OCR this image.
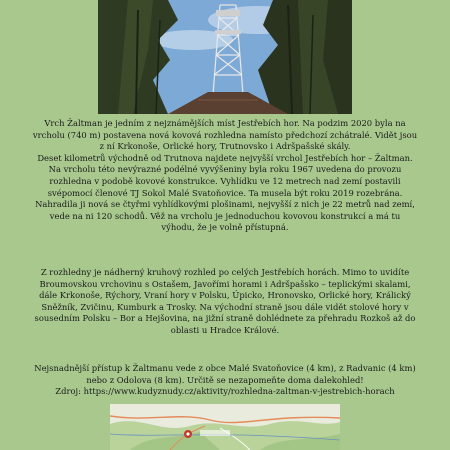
Vrch Žaltman je jedním z nejznámějších míst Jestřebích hor. Na podzim 2020 byla na

vrcholu (740 m) postavena nová kovová rozhledna namísto předchozí zchátralé. Vidět jsou

z ní Krkonoše, Orlické hory, Trutnovsko i Adršpašské skály.

Deset kilometrů východně od Trutnova najdete nejvyšší vrchol Jestřebích hor – Žaltman.

Na vrcholu této nevýrazné podélné vyvýšeniny byla roku 1967 uvedena do provozu

rozhledna v podobě kovové konstrukce. Vyhlídku ve 12 metrech nad zemí postavili

svépomocí členové TJ Sokol Malé Svatoňovice. Ta musela být roku 2019 rozebrána.

Nahradila ji nová se čtyřmi vyhlídkovými plošinami, nejvyšší z nich je 22 metrů nad zemí,

vede na ni 120 schodů. Věž na vrcholu je jednoduchou kovovou konstrukcí a má tu

výhodu, že je volně přístupná.

Z rozhledny je nádherný kruhový rozhled po celých Jestřebích horách. Mimo to uvidíte

Broumovskou vrchovinu s Ostašem, Javořími horami i Adršpašsko – teplickými skalami,

dále Krkonoše, Rýchory, Vraní hory v Polsku, Úpicko, Hronovsko, Orlické hory, Králický

Sněžník, Zvičinu, Kumburk a Trosky. Na východní straně jsou dále vidět stolové hory v

sousedním Polsku – Bor a Hejšovina, na jižní straně dohlédnete za přehradu Rozkoš až do

oblasti u Hradce Králové.

Nejsnadnější přístup k Žaltmanu vede z obce Malé Svatoňovice (4 km), z Radvanic (4 km)

nebo z Odolova (8 km). Určitě se nezapomeňte doma dalekohled!

Zdroj: https://www.kudyznudy.cz/aktivity/rozhledna-zaltman-v-jestrebich-horach
